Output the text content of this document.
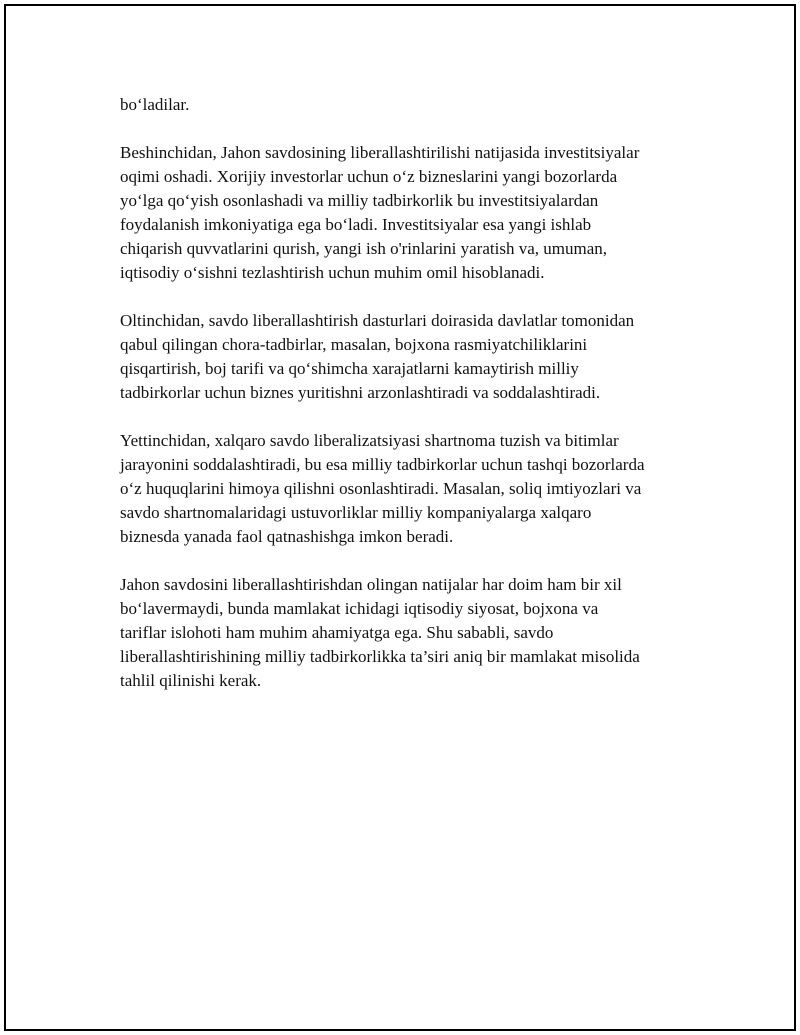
bo‘ladilar.

Beshinchidan, Jahon savdosining liberallashtirilishi natijasida investitsiyalar
oqimi oshadi. Xorijiy investorlar uchun o‘z bizneslarini yangi bozorlarda
yo‘lga qo‘yish osonlashadi va milliy tadbirkorlik bu investitsiyalardan
foydalanish imkoniyatiga ega bo‘ladi. Investitsiyalar esa yangi ishlab
chiqarish quvvatlarini qurish, yangi ish o'rinlarini yaratish va, umuman,
iqtisodiy o‘sishni tezlashtirish uchun muhim omil hisoblanadi.

Oltinchidan, savdo liberallashtirish dasturlari doirasida davlatlar tomonidan
qabul qilingan chora-tadbirlar, masalan, bojxona rasmiyatchiliklarini
qisqartirish, boj tarifi va qo‘shimcha xarajatlarni kamaytirish milliy
tadbirkorlar uchun biznes yuritishni arzonlashtiradi va soddalashtiradi.

Yettinchidan, xalqaro savdo liberalizatsiyasi shartnoma tuzish va bitimlar
jarayonini soddalashtiradi, bu esa milliy tadbirkorlar uchun tashqi bozorlarda
o‘z huquqlarini himoya qilishni osonlashtiradi. Masalan, soliq imtiyozlari va
savdo shartnomalaridagi ustuvorliklar milliy kompaniyalarga xalqaro
biznesda yanada faol qatnashishga imkon beradi.

Jahon savdosini liberallashtirishdan olingan natijalar har doim ham bir xil
bo‘lavermaydi, bunda mamlakat ichidagi iqtisodiy siyosat, bojxona va
tariflar islohoti ham muhim ahamiyatga ega. Shu sababli, savdo
liberallashtirishining milliy tadbirkorlikka ta’siri aniq bir mamlakat misolida
tahlil qilinishi kerak.
